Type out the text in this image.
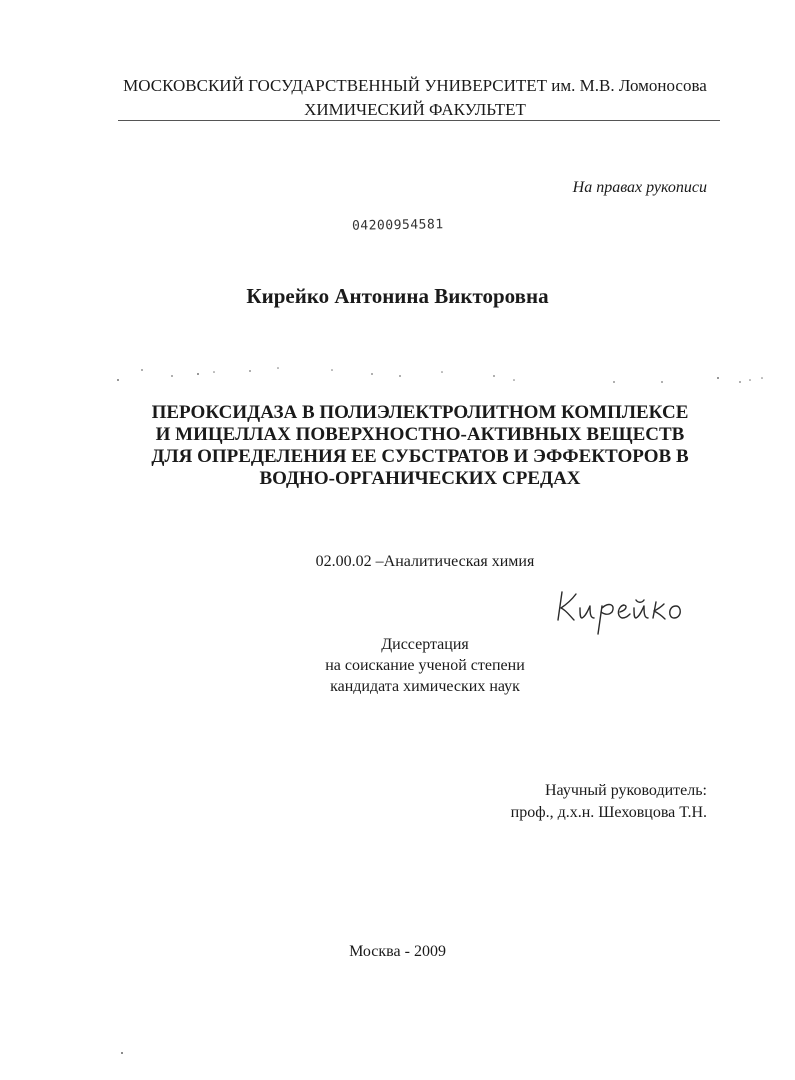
МОСКОВСКИЙ ГОСУДАРСТВЕННЫЙ УНИВЕРСИТЕТ им. М.В. Ломоносова
ХИМИЧЕСКИЙ ФАКУЛЬТЕТ
На правах рукописи
04200954581
Кирейко Антонина Викторовна
ПЕРОКСИДАЗА В ПОЛИЭЛЕКТРОЛИТНОМ КОМПЛЕКСЕ
И МИЦЕЛЛАХ ПОВЕРХНОСТНО-АКТИВНЫХ ВЕЩЕСТВ
ДЛЯ ОПРЕДЕЛЕНИЯ ЕЕ СУБСТРАТОВ И ЭФФЕКТОРОВ В
ВОДНО-ОРГАНИЧЕСКИХ СРЕДАХ
02.00.02 –Аналитическая химия
Диссертация
на соискание ученой степени
кандидата химических наук
Научный руководитель:
проф., д.х.н. Шеховцова Т.Н.
Москва - 2009
